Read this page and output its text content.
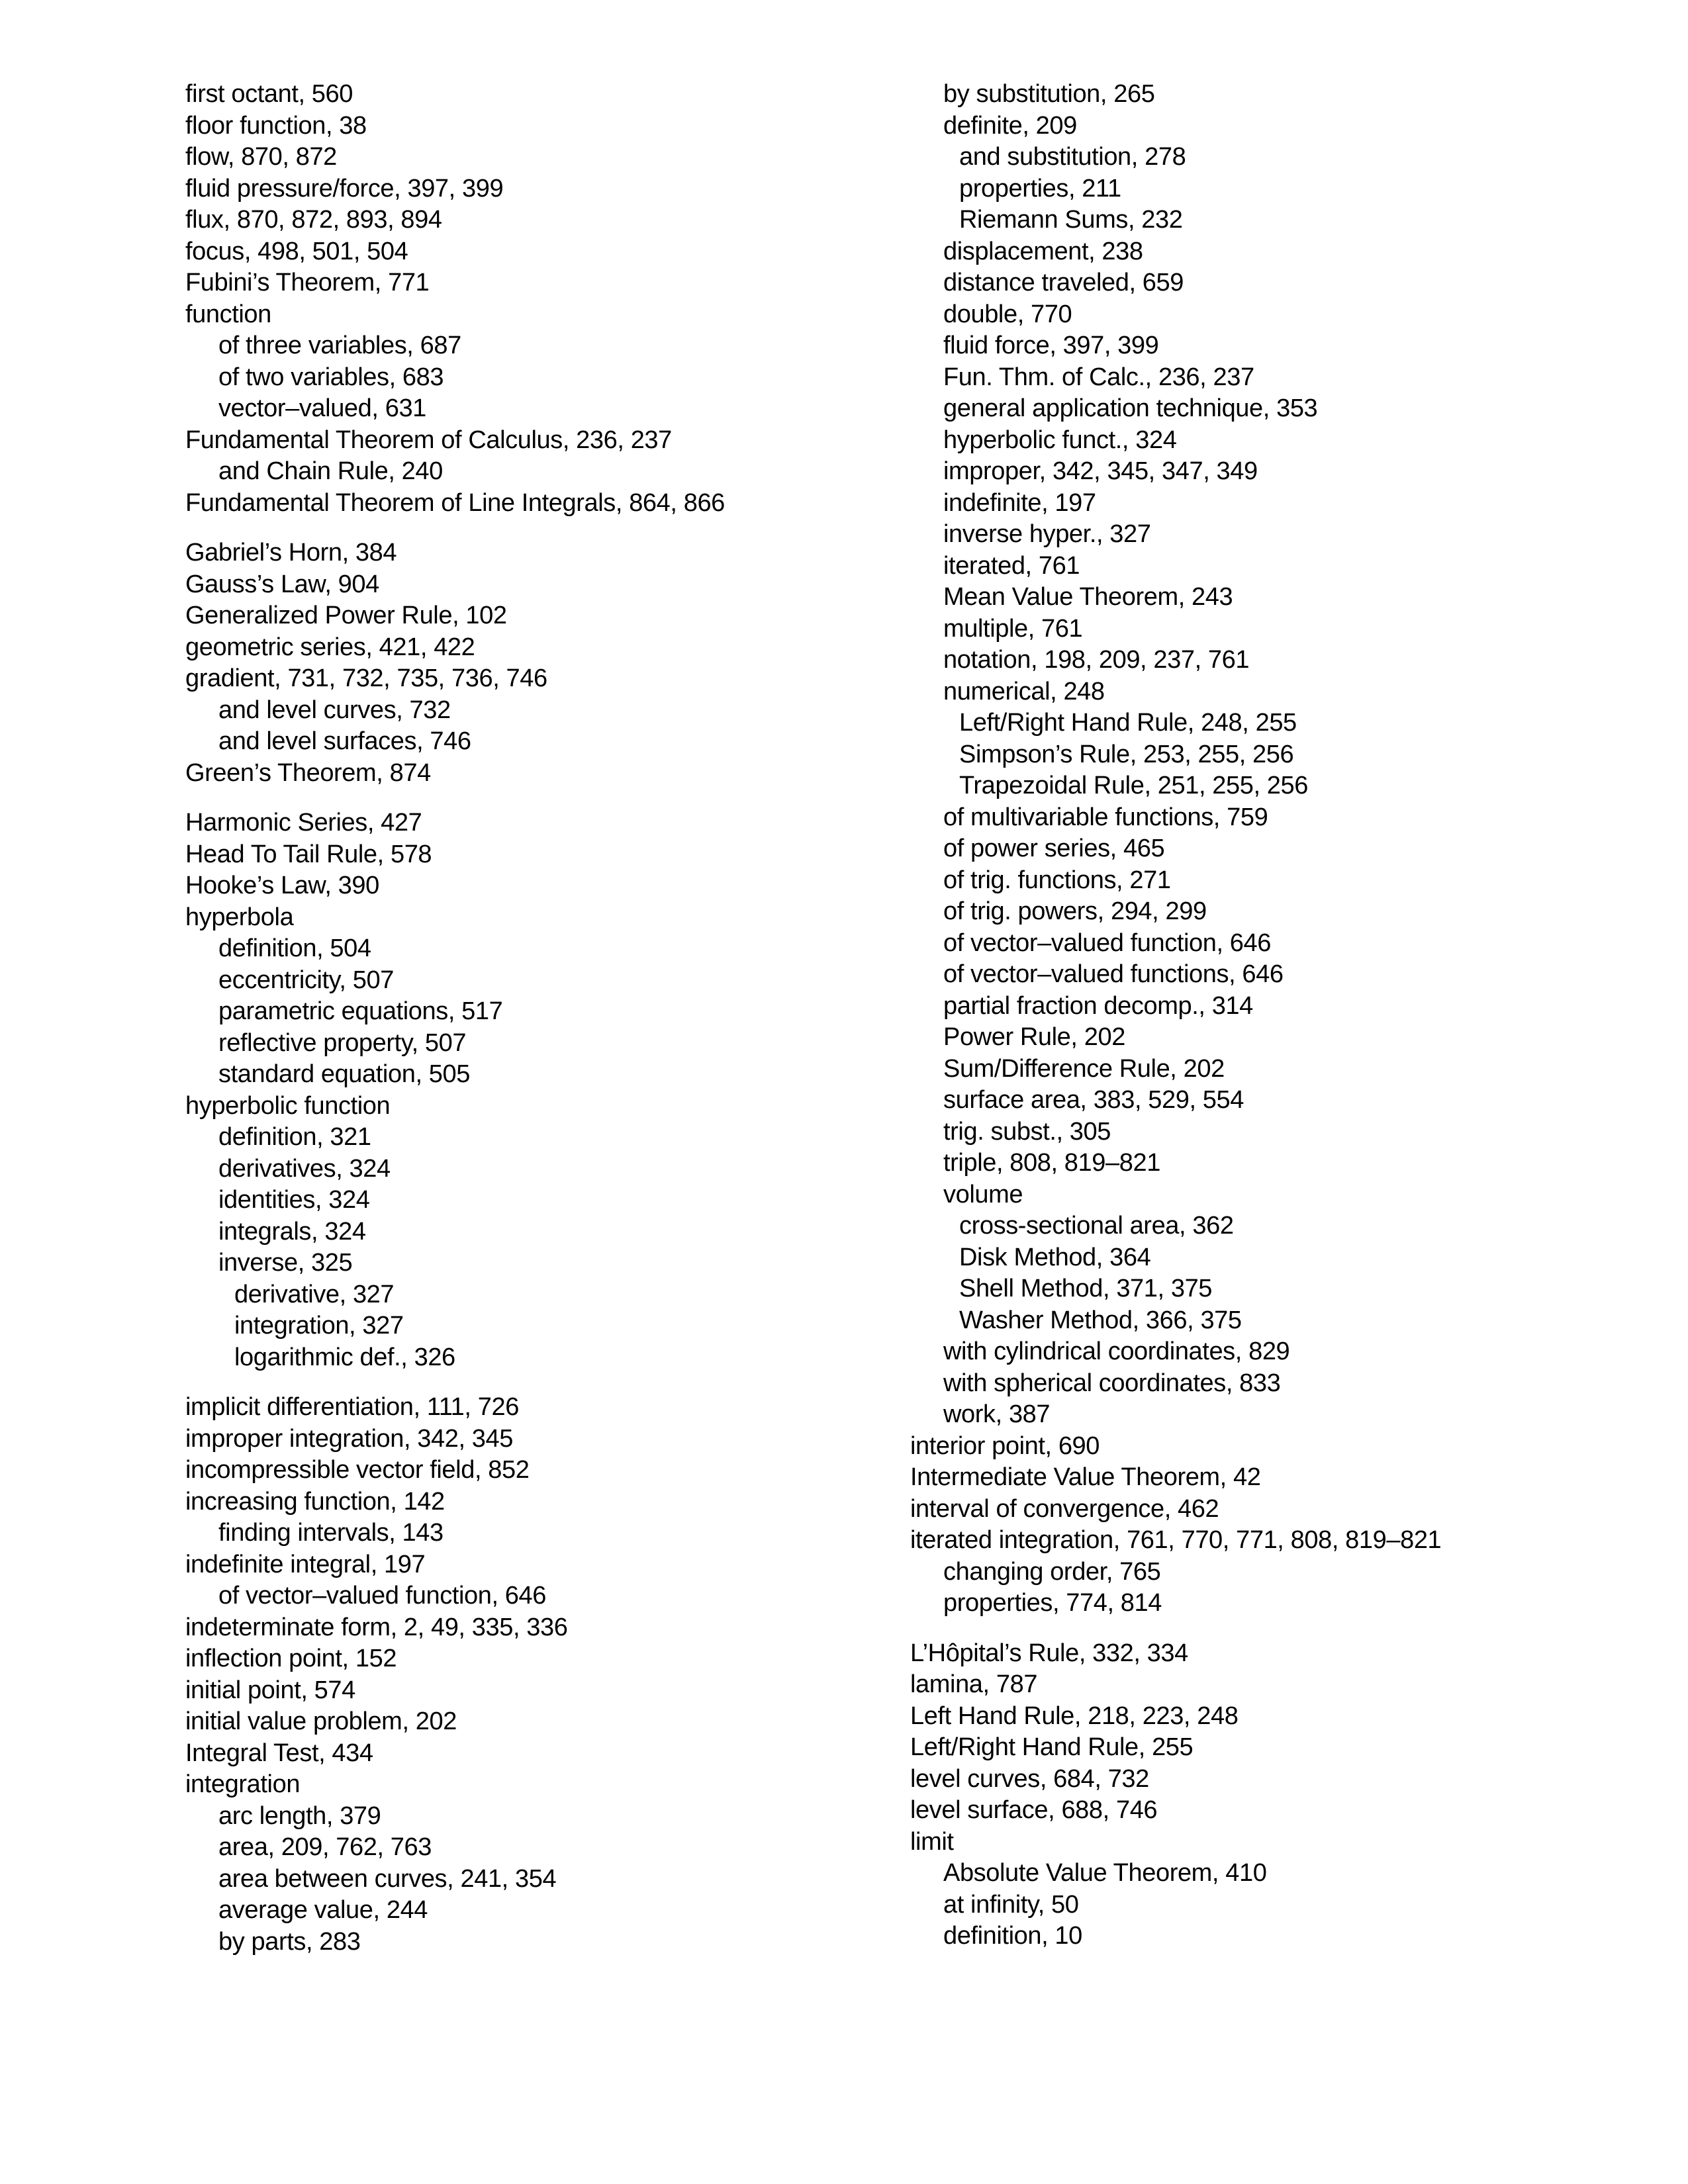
first octant, 560
floor function, 38
flow, 870, 872
fluid pressure/force, 397, 399
flux, 870, 872, 893, 894
focus, 498, 501, 504
Fubini’s Theorem, 771
function
of three variables, 687
of two variables, 683
vector–valued, 631
Fundamental Theorem of Calculus, 236, 237
and Chain Rule, 240
Fundamental Theorem of Line Integrals, 864, 866
Gabriel’s Horn, 384
Gauss’s Law, 904
Generalized Power Rule, 102
geometric series, 421, 422
gradient, 731, 732, 735, 736, 746
and level curves, 732
and level surfaces, 746
Green’s Theorem, 874
Harmonic Series, 427
Head To Tail Rule, 578
Hooke’s Law, 390
hyperbola
definition, 504
eccentricity, 507
parametric equations, 517
reflective property, 507
standard equation, 505
hyperbolic function
definition, 321
derivatives, 324
identities, 324
integrals, 324
inverse, 325
derivative, 327
integration, 327
logarithmic def., 326
implicit differentiation, 111, 726
improper integration, 342, 345
incompressible vector field, 852
increasing function, 142
finding intervals, 143
indefinite integral, 197
of vector–valued function, 646
indeterminate form, 2, 49, 335, 336
inflection point, 152
initial point, 574
initial value problem, 202
Integral Test, 434
integration
arc length, 379
area, 209, 762, 763
area between curves, 241, 354
average value, 244
by parts, 283
by substitution, 265
definite, 209
and substitution, 278
properties, 211
Riemann Sums, 232
displacement, 238
distance traveled, 659
double, 770
fluid force, 397, 399
Fun. Thm. of Calc., 236, 237
general application technique, 353
hyperbolic funct., 324
improper, 342, 345, 347, 349
indefinite, 197
inverse hyper., 327
iterated, 761
Mean Value Theorem, 243
multiple, 761
notation, 198, 209, 237, 761
numerical, 248
Left/Right Hand Rule, 248, 255
Simpson’s Rule, 253, 255, 256
Trapezoidal Rule, 251, 255, 256
of multivariable functions, 759
of power series, 465
of trig. functions, 271
of trig. powers, 294, 299
of vector–valued function, 646
of vector–valued functions, 646
partial fraction decomp., 314
Power Rule, 202
Sum/Difference Rule, 202
surface area, 383, 529, 554
trig. subst., 305
triple, 808, 819–821
volume
cross-sectional area, 362
Disk Method, 364
Shell Method, 371, 375
Washer Method, 366, 375
with cylindrical coordinates, 829
with spherical coordinates, 833
work, 387
interior point, 690
Intermediate Value Theorem, 42
interval of convergence, 462
iterated integration, 761, 770, 771, 808, 819–821
changing order, 765
properties, 774, 814
L’Hôpital’s Rule, 332, 334
lamina, 787
Left Hand Rule, 218, 223, 248
Left/Right Hand Rule, 255
level curves, 684, 732
level surface, 688, 746
limit
Absolute Value Theorem, 410
at infinity, 50
definition, 10
